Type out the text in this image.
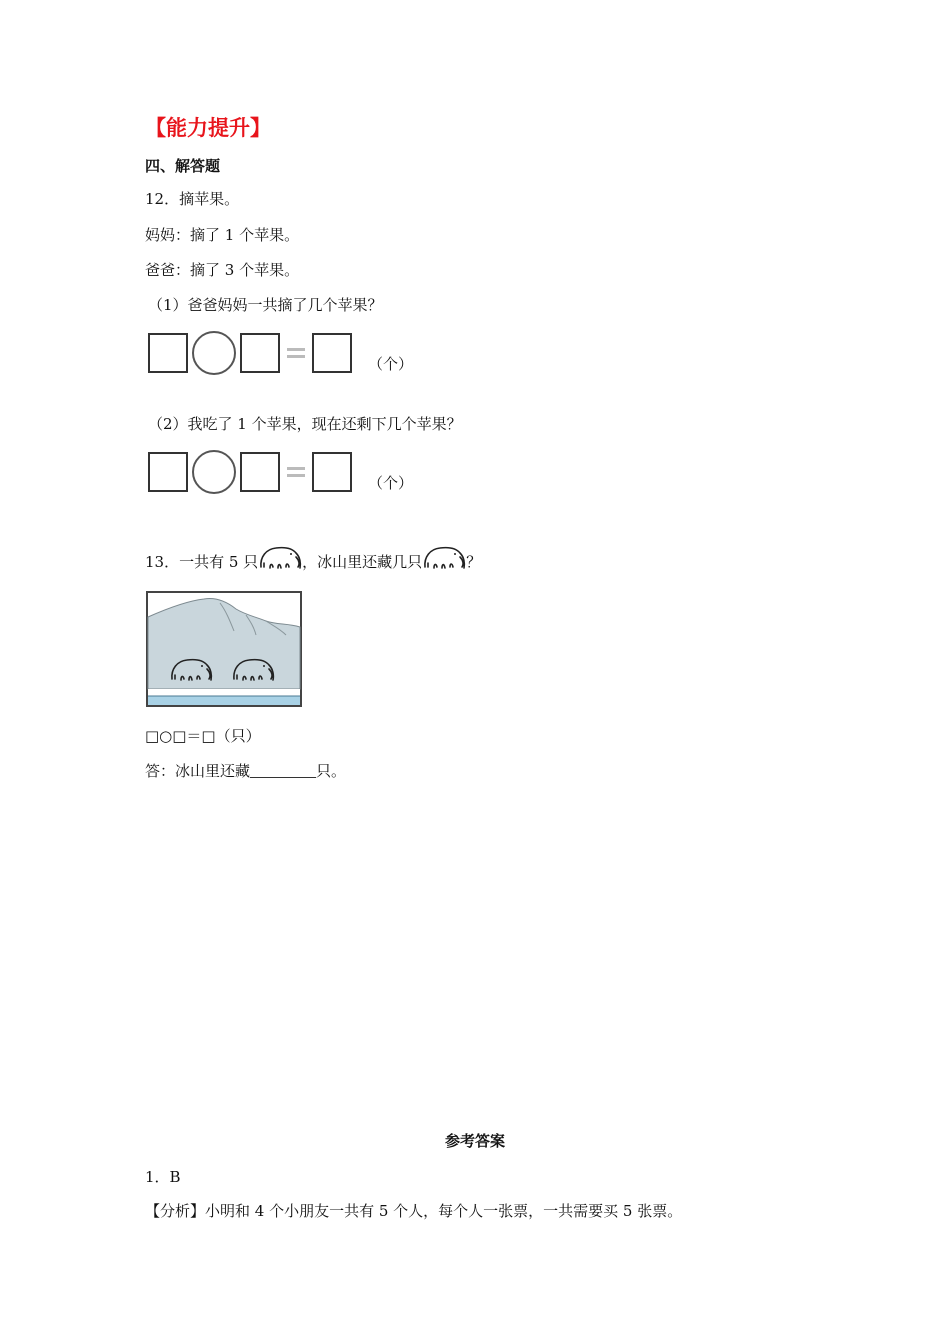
【能力提升】
四、解答题
12．摘苹果。
妈妈：摘了 1 个苹果。
爸爸：摘了 3 个苹果。
（1）爸爸妈妈一共摘了几个苹果？
（个）
（2）我吃了 1 个苹果，现在还剩下几个苹果？
（个）
13．一共有 5 只	，冰山里还藏几只	？
□○□＝□（只）
答：冰山里还藏	只。
参考答案
1．B
【分析】小明和 4 个小朋友一共有 5 个人，每个人一张票，一共需要买 5 张票。
